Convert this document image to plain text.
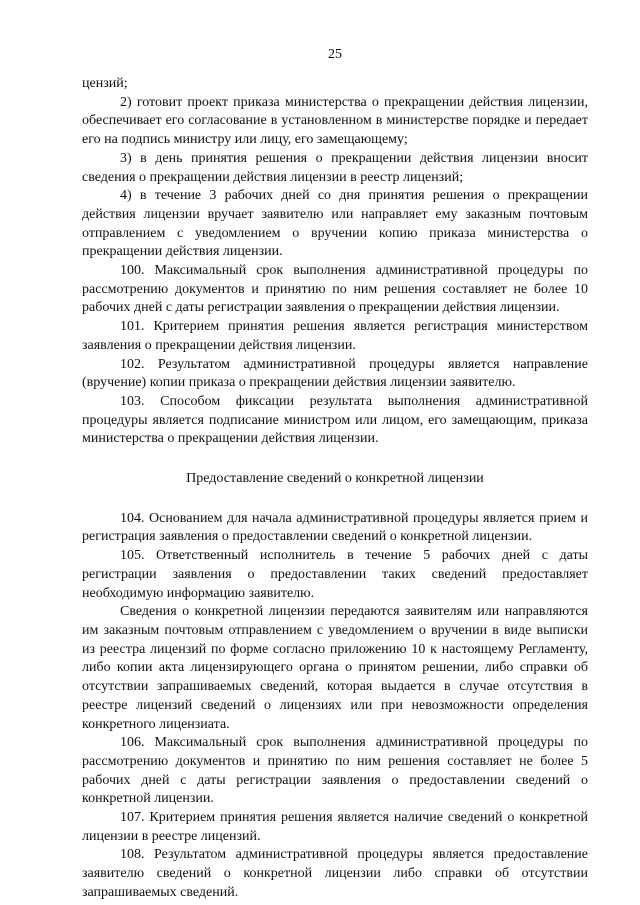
25

цензий;

2) готовит проект приказа министерства о прекращении действия лицензии, обеспечивает его согласование в установленном в министерстве порядке и передает его на подпись министру или лицу, его замещающему;

3) в день принятия решения о прекращении действия лицензии вносит сведения о прекращении действия лицензии в реестр лицензий;

4) в течение 3 рабочих дней со дня принятия решения о прекращении действия лицензии вручает заявителю или направляет ему заказным почтовым отправлением с уведомлением о вручении копию приказа министерства о прекращении действия лицензии.

100. Максимальный срок выполнения административной процедуры по рассмотрению документов и принятию по ним решения составляет не более 10 рабочих дней с даты регистрации заявления о прекращении действия лицензии.

101. Критерием принятия решения является регистрация министерством заявления о прекращении действия лицензии.

102. Результатом административной процедуры является направление (вручение) копии приказа о прекращении действия лицензии заявителю.

103. Способом фиксации результата выполнения административной процедуры является подписание министром или лицом, его замещающим, приказа министерства о прекращении действия лицензии.

Предоставление сведений о конкретной лицензии

104. Основанием для начала административной процедуры является прием и регистрация заявления о предоставлении сведений о конкретной лицензии.

105. Ответственный исполнитель в течение 5 рабочих дней с даты регистрации заявления о предоставлении таких сведений предоставляет необходимую информацию заявителю.

Сведения о конкретной лицензии передаются заявителям или направляются им заказным почтовым отправлением с уведомлением о вручении в виде выписки из реестра лицензий по форме согласно приложению 10 к настоящему Регламенту, либо копии акта лицензирующего органа о принятом решении, либо справки об отсутствии запрашиваемых сведений, которая выдается в случае отсутствия в реестре лицензий сведений о лицензиях или при невозможности определения конкретного лицензиата.

106. Максимальный срок выполнения административной процедуры по рассмотрению документов и принятию по ним решения составляет не более 5 рабочих дней с даты регистрации заявления о предоставлении сведений о конкретной лицензии.

107. Критерием принятия решения является наличие сведений о конкретной лицензии в реестре лицензий.

108. Результатом административной процедуры является предоставление заявителю сведений о конкретной лицензии либо справки об отсутствии запрашиваемых сведений.
